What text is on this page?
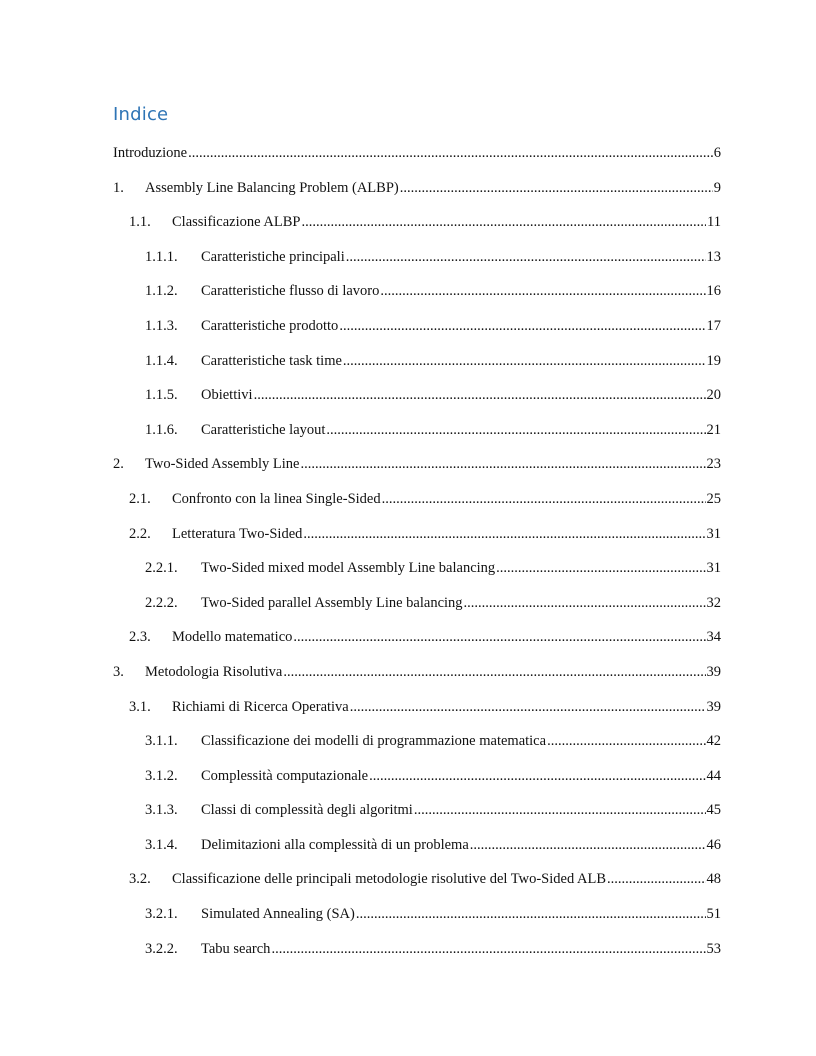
Indice
Introduzione .....	6
1.	Assembly Line Balancing Problem (ALBP) .....	9
1.1.	Classificazione ALBP .....	11
1.1.1.	Caratteristiche principali .....	13
1.1.2.	Caratteristiche flusso di lavoro .....	16
1.1.3.	Caratteristiche prodotto .....	17
1.1.4.	Caratteristiche task time .....	19
1.1.5.	Obiettivi .....	20
1.1.6.	Caratteristiche layout .....	21
2.	Two-Sided Assembly Line .....	23
2.1.	Confronto con la linea Single-Sided .....	25
2.2.	Letteratura Two-Sided .....	31
2.2.1.	Two-Sided mixed model Assembly Line balancing .....	31
2.2.2.	Two-Sided parallel Assembly Line balancing .....	32
2.3.	Modello matematico .....	34
3.	Metodologia Risolutiva .....	39
3.1.	Richiami di Ricerca Operativa .....	39
3.1.1.	Classificazione dei modelli di programmazione matematica .....	42
3.1.2.	Complessità computazionale .....	44
3.1.3.	Classi di complessità degli algoritmi .....	45
3.1.4.	Delimitazioni alla complessità di un problema .....	46
3.2.	Classificazione delle principali metodologie risolutive del Two-Sided ALB .....	48
3.2.1.	Simulated Annealing (SA) .....	51
3.2.2.	Tabu search .....	53
